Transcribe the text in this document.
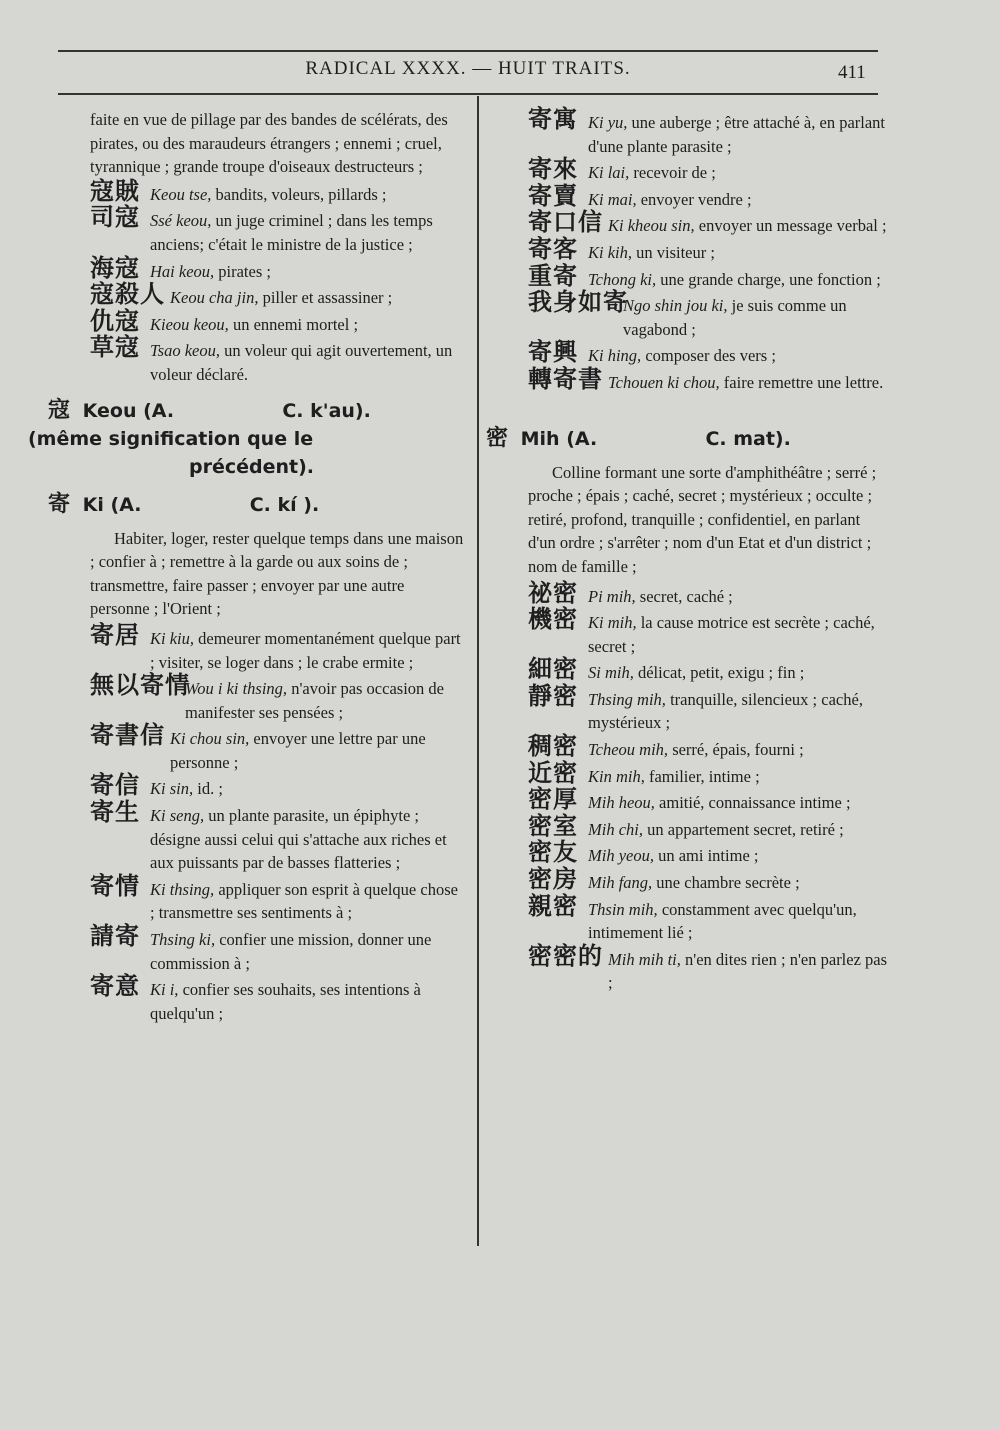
RADICAL XXXX. — HUIT TRAITS.	411

faite en vue de pillage par des bandes de scélérats, des pirates, ou des maraudeurs étrangers ; ennemi ; cruel, tyrannique ; grande troupe d'oiseaux destructeurs ;

寇賊 Keou tse, bandits, voleurs, pillards ;
司寇 Ssé keou, un juge criminel ; dans les temps anciens; c'était le ministre de la justice ;
海寇 Hai keou, pirates ;
寇殺人 Keou cha jin, piller et assassiner ;
仇寇 Kieou keou, un ennemi mortel ;
草寇 Tsao keou, un voleur qui agit ouvertement, un voleur déclaré.
寇 Keou (A.	C. k'au).
(même signification que le
précédent).
寄 Ki (A.	C. kí ).

Habiter, loger, rester quelque temps dans une maison ; confier à ; remettre à la garde ou aux soins de ; transmettre, faire passer ; envoyer par une autre personne ; l'Orient ;

寄居 Ki kiu, demeurer momentanément quelque part ; visiter, se loger dans ; le crabe ermite ;
無以寄情
Wou i ki thsing, n'avoir pas occasion de manifester ses pensées ;
寄書信 Ki chou sin, envoyer une lettre par une personne ;
寄信 Ki sin, id. ;
寄生 Ki seng, un plante parasite, un épiphyte ; désigne aussi celui qui s'attache aux riches et aux puissants par de basses flatteries ;
寄情 Ki thsing, appliquer son esprit à quelque chose ; transmettre ses sentiments à ;
請寄 Thsing ki, confier une mission, donner une commission à ;
寄意 Ki i, confier ses souhaits, ses intentions à quelqu'un ;
寄寓 Ki yu, une auberge ; être attaché à, en parlant d'une plante parasite ;
寄來 Ki lai, recevoir de ;
寄賣 Ki mai, envoyer vendre ;
寄口信 Ki kheou sin, envoyer un message verbal ;
寄客 Ki kih, un visiteur ;
重寄 Tchong ki, une grande charge, une fonction ;
我身如寄
Ngo shin jou ki, je suis comme un vagabond ;
寄興 Ki hing, composer des vers ;
轉寄書 Tchouen ki chou, faire remettre une lettre.
密 Mih (A.	C. mat).

Colline formant une sorte d'amphithéâtre ; serré ; proche ; épais ; caché, secret ; mystérieux ; occulte ; retiré, profond, tranquille ; confidentiel, en parlant d'un ordre ; s'arrêter ; nom d'un Etat et d'un district ; nom de famille ;

祕密 Pi mih, secret, caché ;
機密 Ki mih, la cause motrice est secrète ; caché, secret ;
細密 Si mih, délicat, petit, exigu ; fin ;
靜密 Thsing mih, tranquille, silencieux ; caché, mystérieux ;
稠密 Tcheou mih, serré, épais, fourni ;
近密 Kin mih, familier, intime ;
密厚 Mih heou, amitié, connaissance intime ;
密室 Mih chi, un appartement secret, retiré ;
密友 Mih yeou, un ami intime ;
密房 Mih fang, une chambre secrète ;
親密 Thsin mih, constamment avec quelqu'un, intimement lié ;
密密的 Mih mih ti, n'en dites rien ; n'en parlez pas ;
